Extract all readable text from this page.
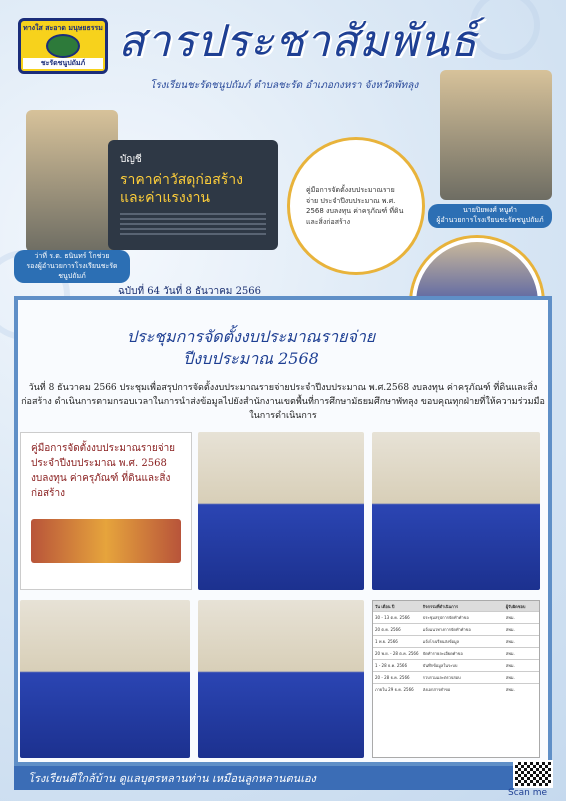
ทางใส สะอาด มนุษยธรรม
ชะรัดชนูปถัมภ์ สารประชาสัมพันธ์
โรงเรียนชะรัดชนูปถัมภ์ ตำบลชะรัด อำเภอกงหรา จังหวัดพัทลุง
ว่าที่ ร.ต. ธนินทร์ โกช่วย
รองผู้อำนวยการโรงเรียนชะรัดชนูปถัมภ์
นายปิยพงศ์ หนูดำ
ผู้อำนวยการโรงเรียนชะรัดชนูปถัมภ์
บัญชี
ราคาค่าวัสดุก่อสร้าง และค่าแรงงาน
คู่มือการจัดตั้งงบประมาณรายจ่าย ประจำปีงบประมาณ พ.ศ. 2568 งบลงทุน ค่าครุภัณฑ์ ที่ดินและสิ่งก่อสร้าง
ฉบับที่ 64 วันที่ 8 ธันวาคม 2566
ประชุมการจัดตั้งงบประมาณรายจ่าย ปีงบประมาณ 2568
วันที่ 8 ธันวาคม 2566 ประชุมเพื่อสรุปการจัดตั้งงบประมาณรายจ่ายประจำปีงบประมาณ พ.ศ.2568 งบลงทุน ค่าครุภัณฑ์ ที่ดินและสิ่งก่อสร้าง ดำเนินการตามกรอบเวลาในการนำส่งข้อมูลไปยังสำนักงานเขตพื้นที่การศึกษามัธยมศึกษาพัทลุง ขอบคุณทุกฝ่ายที่ให้ความร่วมมือในการดำเนินการ
คู่มือการจัดตั้งงบประมาณรายจ่าย ประจำปีงบประมาณ พ.ศ. 2568 งบลงทุน ค่าครุภัณฑ์ ที่ดินและสิ่งก่อสร้าง
วัน เดือน ปี	กิจกรรมที่ดำเนินการ	ผู้รับผิดชอบ
30 - 13 ต.ค. 2566	ประชุมสรุปการจัดทำคำขอ	สพม.
20 ต.ค. 2566	แจ้งแนวทางการจัดทำคำขอ	สพม.
1 พ.ย. 2566	แจ้งโรงเรียนส่งข้อมูล	สพม.
20 พ.ย. - 28 ต.ค. 2566	จัดทำรายละเอียดคำขอ	สพม.
1 - 28 ธ.ค. 2566	บันทึกข้อมูลในระบบ	สพม.
20 - 28 ธ.ค. 2566	รวบรวมและตรวจสอบ	สพม.
ภายใน 29 ธ.ค. 2566	ส่งเอกสารคำขอ	สพม.
โรงเรียนดีใกล้บ้าน ดูแลบุตรหลานท่าน เหมือนลูกหลานตนเอง
Scan me
